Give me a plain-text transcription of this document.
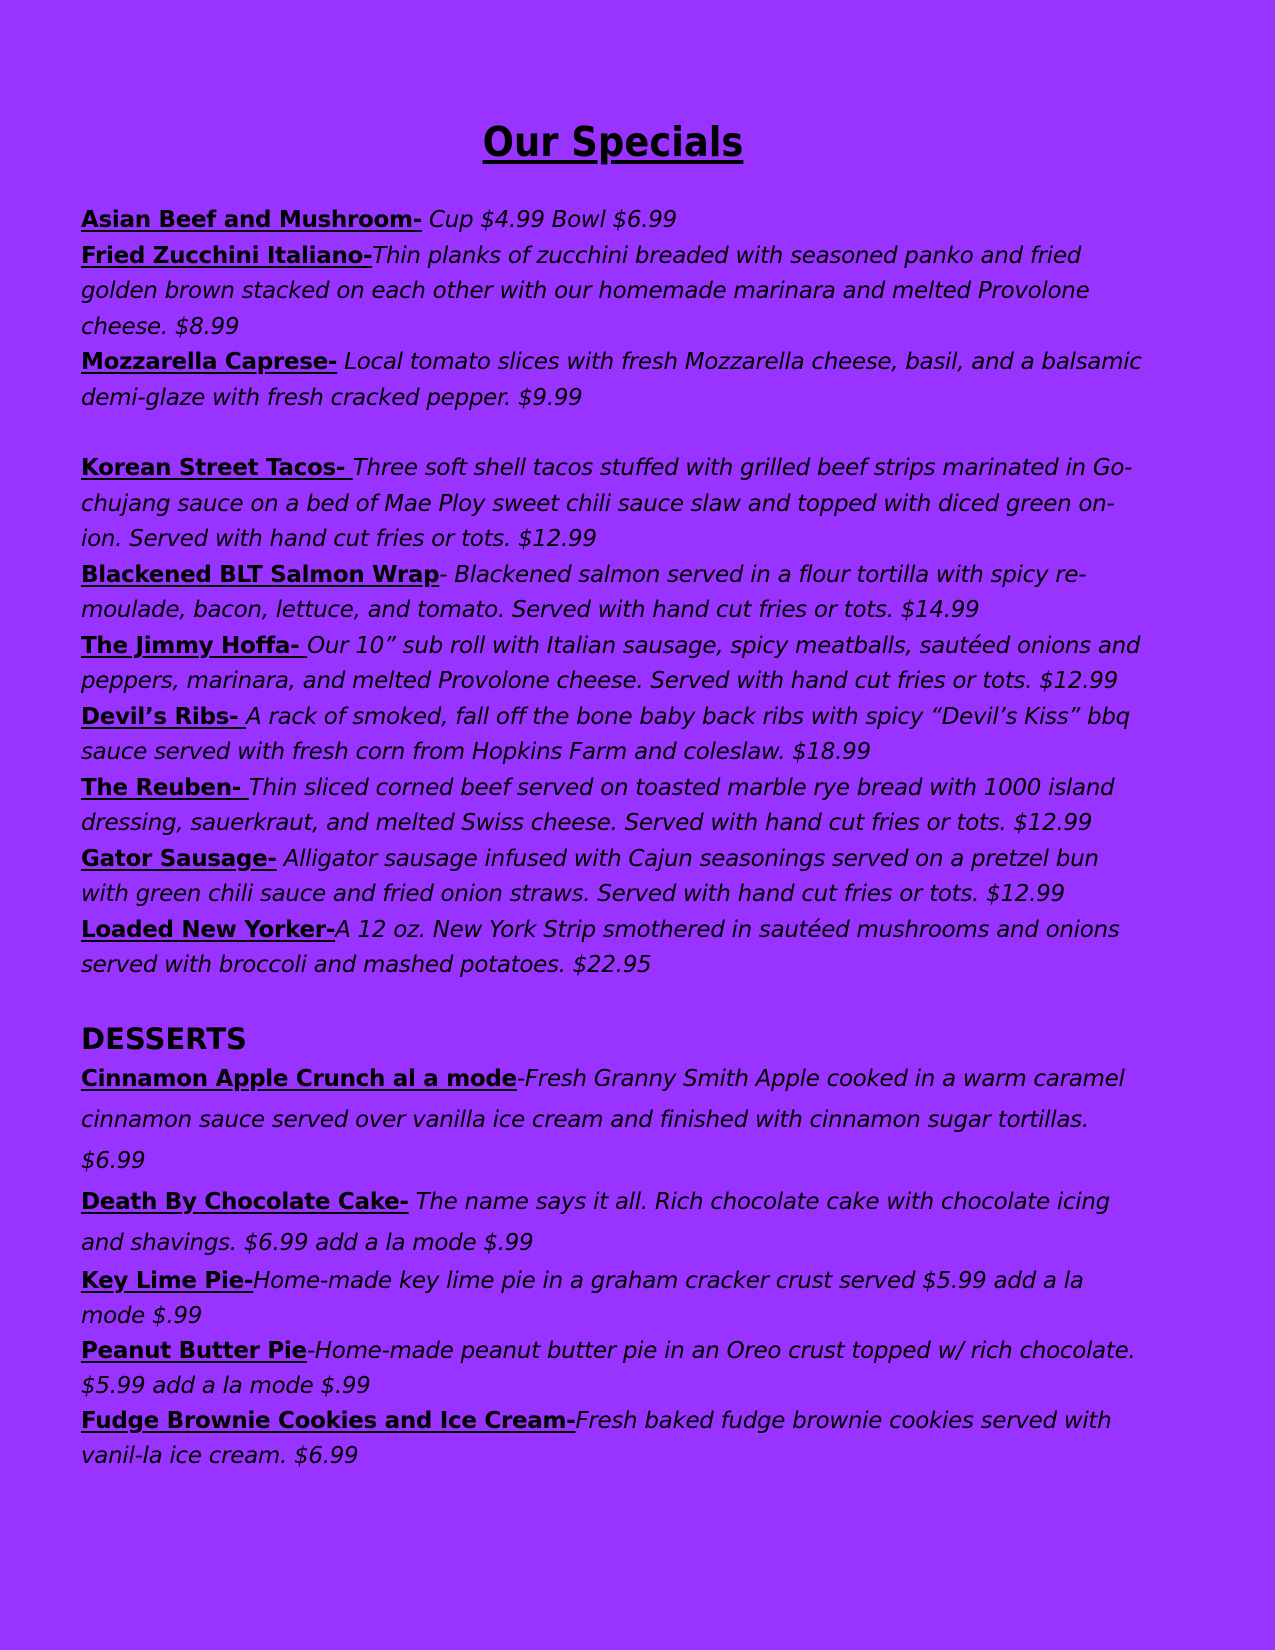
Our Specials

Asian Beef and Mushroom- Cup $4.99 Bowl $6.99

Fried Zucchini Italiano-Thin planks of zucchini breaded with seasoned panko and fried golden brown stacked on each other with our homemade marinara and melted Provolone cheese. $8.99

Mozzarella Caprese- Local tomato slices with fresh Mozzarella cheese, basil, and a balsamic demi-glaze with fresh cracked pepper. $9.99

Korean Street Tacos- Three soft shell tacos stuffed with grilled beef strips marinated in Go-chujang sauce on a bed of Mae Ploy sweet chili sauce slaw and topped with diced green on-ion. Served with hand cut fries or tots. $12.99

Blackened BLT Salmon Wrap- Blackened salmon served in a flour tortilla with spicy re-moulade, bacon, lettuce, and tomato. Served with hand cut fries or tots. $14.99

The Jimmy Hoffa- Our 10” sub roll with Italian sausage, spicy meatballs, sautéed onions and peppers, marinara, and melted Provolone cheese. Served with hand cut fries or tots. $12.99

Devil’s Ribs- A rack of smoked, fall off the bone baby back ribs with spicy “Devil’s Kiss” bbq sauce served with fresh corn from Hopkins Farm and coleslaw. $18.99

The Reuben- Thin sliced corned beef served on toasted marble rye bread with 1000 island dressing, sauerkraut, and melted Swiss cheese. Served with hand cut fries or tots. $12.99

Gator Sausage- Alligator sausage infused with Cajun seasonings served on a pretzel bun with green chili sauce and fried onion straws. Served with hand cut fries or tots. $12.99

Loaded New Yorker-A 12 oz. New York Strip smothered in sautéed mushrooms and onions served with broccoli and mashed potatoes. $22.95

DESSERTS

Cinnamon Apple Crunch al a mode-Fresh Granny Smith Apple cooked in a warm caramel cinnamon sauce served over vanilla ice cream and finished with cinnamon sugar tortillas. $6.99

Death By Chocolate Cake- The name says it all. Rich chocolate cake with chocolate icing and shavings. $6.99 add a la mode $.99

Key Lime Pie-Home-made key lime pie in a graham cracker crust served $5.99 add a la mode $.99

Peanut Butter Pie-Home-made peanut butter pie in an Oreo crust topped w/ rich chocolate. $5.99 add a la mode $.99

Fudge Brownie Cookies and Ice Cream-Fresh baked fudge brownie cookies served with vanil-la ice cream. $6.99
